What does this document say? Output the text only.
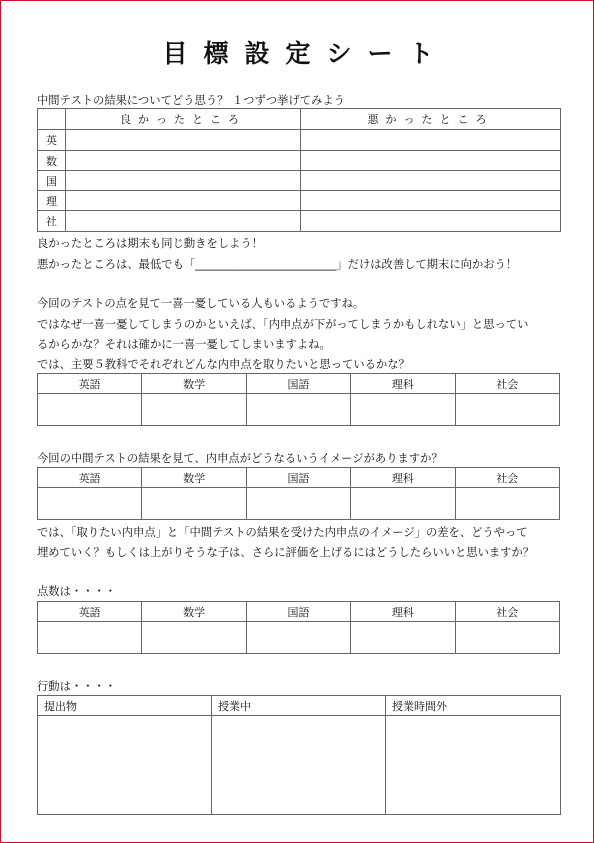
目標設定シート
中間テストの結果についてどう思う？ １つずつ挙げてみよう
	良かったところ	悪かったところ
英		
数		
国		
理		
社		
良かったところは期末も同じ動きをしよう！
悪かったところは、最低でも「_________________________」だけは改善して期末に向かおう！
今回のテストの点を見て一喜一憂している人もいるようですね。
ではなぜ一喜一憂してしまうのかといえば、「内申点が下がってしまうかもしれない」と思ってい
るからかな？それは確かに一喜一憂してしまいますよね。
では、主要５教科でそれぞれどんな内申点を取りたいと思っているかな？
英語	数学	国語	理科	社会

今回の中間テストの結果を見て、内申点がどうなるいうイメージがありますか？
英語	数学	国語	理科	社会

では、「取りたい内申点」と「中間テストの結果を受けた内申点のイメージ」の差を、どうやって
埋めていく？もしくは上がりそうな子は、さらに評価を上げるにはどうしたらいいと思いますか？
点数は・・・・
英語	数学	国語	理科	社会

行動は・・・・
提出物	授業中	授業時間外
